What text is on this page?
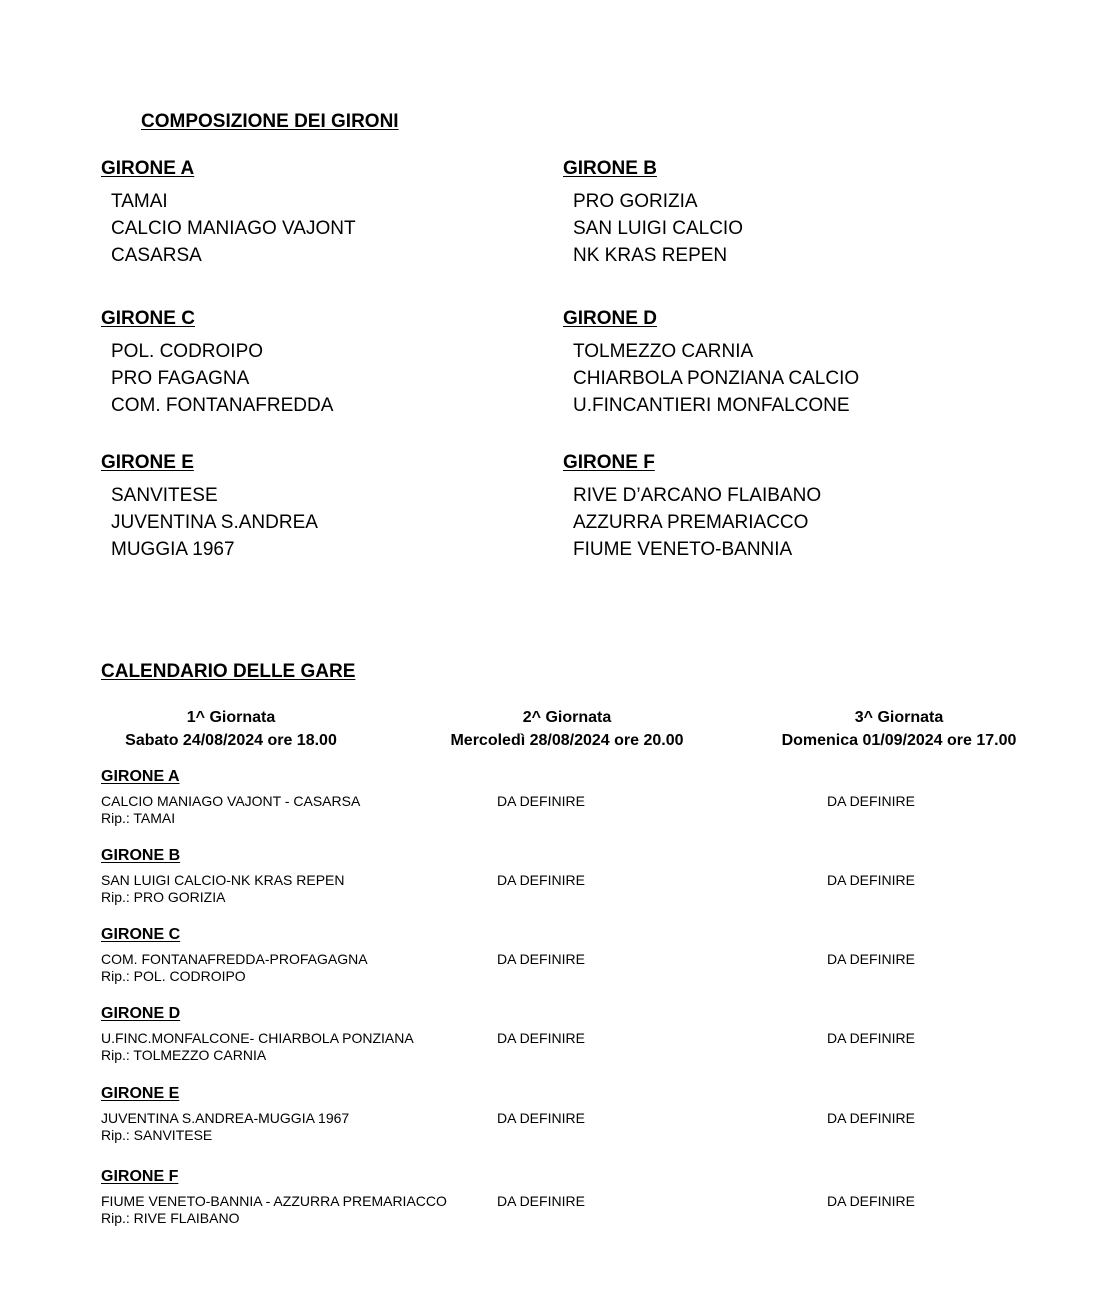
COMPOSIZIONE DEI GIRONI
GIRONE A
TAMAI
CALCIO MANIAGO VAJONT
CASARSA
GIRONE B
PRO GORIZIA
SAN LUIGI CALCIO
NK KRAS REPEN
GIRONE C
POL. CODROIPO
PRO FAGAGNA
COM. FONTANAFREDDA
GIRONE D
TOLMEZZO CARNIA
CHIARBOLA PONZIANA CALCIO
U.FINCANTIERI MONFALCONE
GIRONE E
SANVITESE
JUVENTINA S.ANDREA
MUGGIA 1967
GIRONE F
RIVE D’ARCANO FLAIBANO
AZZURRA PREMARIACCO
FIUME VENETO-BANNIA
CALENDARIO DELLE GARE
1^ Giornata
Sabato 24/08/2024 ore 18.00
2^ Giornata
Mercoledì 28/08/2024 ore 20.00
3^ Giornata
Domenica 01/09/2024 ore 17.00
GIRONE A
CALCIO MANIAGO VAJONT - CASARSA
Rip.: TAMAI
DA DEFINIRE	DA DEFINIRE
GIRONE B
SAN LUIGI CALCIO-NK KRAS REPEN
Rip.: PRO GORIZIA
DA DEFINIRE	DA DEFINIRE
GIRONE C
COM. FONTANAFREDDA-PROFAGAGNA
Rip.: POL. CODROIPO
DA DEFINIRE	DA DEFINIRE
GIRONE D
U.FINC.MONFALCONE- CHIARBOLA PONZIANA
Rip.: TOLMEZZO CARNIA
DA DEFINIRE	DA DEFINIRE
GIRONE E
JUVENTINA S.ANDREA-MUGGIA 1967
Rip.: SANVITESE
DA DEFINIRE	DA DEFINIRE
GIRONE F
FIUME VENETO-BANNIA - AZZURRA PREMARIACCO
Rip.: RIVE FLAIBANO
DA DEFINIRE	DA DEFINIRE
